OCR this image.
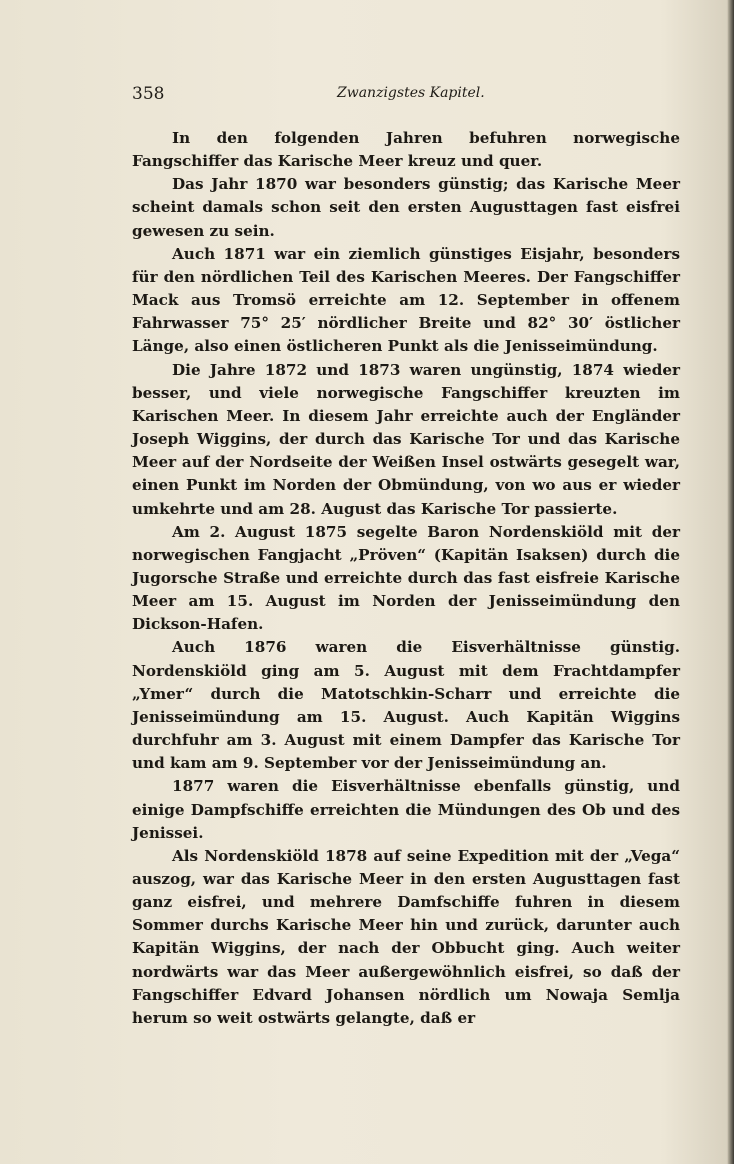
358	Zwanzigstes Kapitel.

In den folgenden Jahren befuhren norwegische Fangschiffer das Karische Meer kreuz und quer.

Das Jahr 1870 war besonders günstig; das Karische Meer scheint damals schon seit den ersten Augusttagen fast eisfrei gewesen zu sein.

Auch 1871 war ein ziemlich günstiges Eisjahr, besonders für den nördlichen Teil des Karischen Meeres. Der Fangschiffer Mack aus Tromsö erreichte am 12. September in offenem Fahrwasser 75° 25′ nördlicher Breite und 82° 30′ östlicher Länge, also einen östlicheren Punkt als die Jenisseimündung.

Die Jahre 1872 und 1873 waren ungünstig, 1874 wieder besser, und viele norwegische Fangschiffer kreuzten im Karischen Meer. In diesem Jahr erreichte auch der Engländer Joseph Wiggins, der durch das Karische Tor und das Karische Meer auf der Nordseite der Weißen Insel ostwärts gesegelt war, einen Punkt im Norden der Obmündung, von wo aus er wieder umkehrte und am 28. August das Karische Tor passierte.

Am 2. August 1875 segelte Baron Nordenskiöld mit der norwegischen Fangjacht „Pröven“ (Kapitän Isaksen) durch die Jugorsche Straße und erreichte durch das fast eisfreie Karische Meer am 15. August im Norden der Jenisseimündung den Dickson-Hafen.

Auch 1876 waren die Eisverhältnisse günstig. Nordenskiöld ging am 5. August mit dem Frachtdampfer „Ymer“ durch die Matotschkin-Scharr und erreichte die Jenisseimündung am 15. August. Auch Kapitän Wiggins durchfuhr am 3. August mit einem Dampfer das Karische Tor und kam am 9. September vor der Jenisseimündung an.

1877 waren die Eisverhältnisse ebenfalls günstig, und einige Dampfschiffe erreichten die Mündungen des Ob und des Jenissei.

Als Nordenskiöld 1878 auf seine Expedition mit der „Vega“ auszog, war das Karische Meer in den ersten Augusttagen fast ganz eisfrei, und mehrere Damfschiffe fuhren in diesem Sommer durchs Karische Meer hin und zurück, darunter auch Kapitän Wiggins, der nach der Obbucht ging. Auch weiter nordwärts war das Meer außergewöhnlich eisfrei, so daß der Fangschiffer Edvard Johansen nördlich um Nowaja Semlja herum so weit ostwärts gelangte, daß er
